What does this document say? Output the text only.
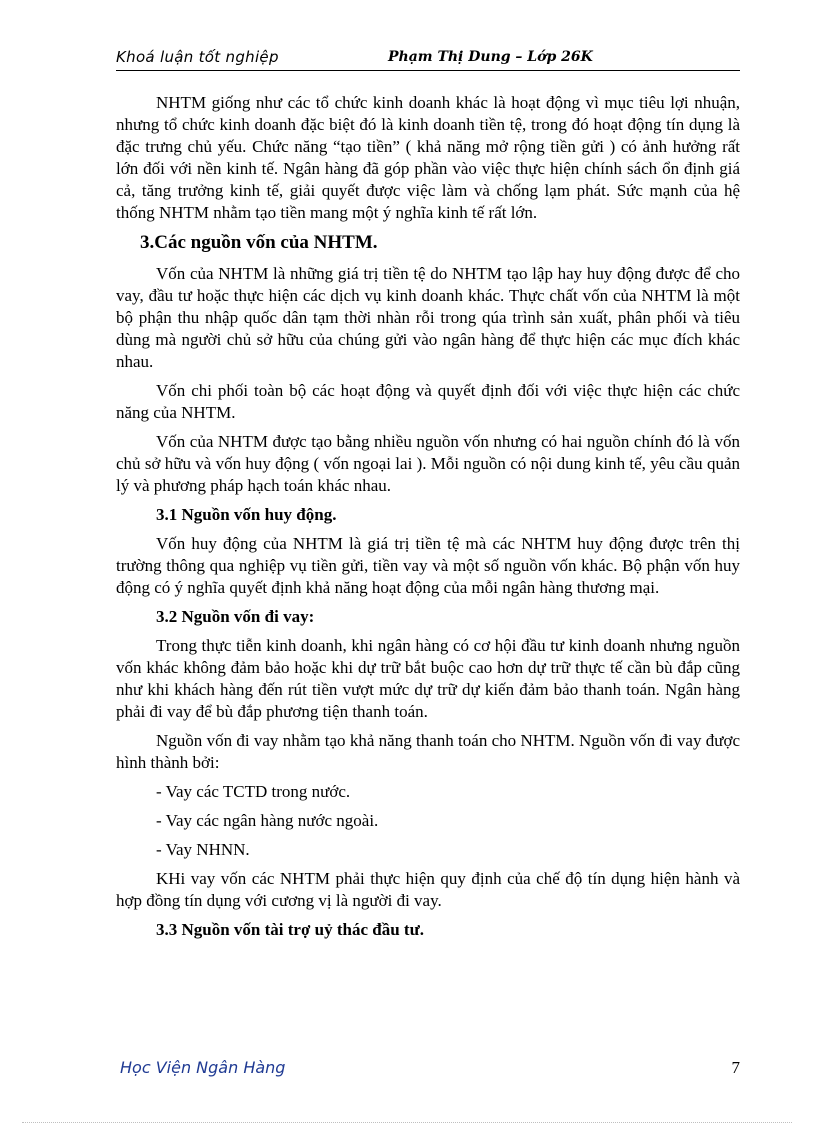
Khoá luận tốt nghiệp	Phạm Thị Dung – Lớp 26K

NHTM giống như các tổ chức kinh doanh khác là hoạt động vì mục tiêu lợi nhuận, nhưng tổ chức kinh doanh đặc biệt đó là kinh doanh tiền tệ, trong đó hoạt động tín dụng là đặc trưng chủ yếu. Chức năng “tạo tiền” ( khả năng mở rộng tiền gửi ) có ảnh hưởng rất lớn đối với nền kinh tế. Ngân hàng đã góp phần vào việc thực hiện chính sách ổn định giá cả, tăng trưởng kinh tế, giải quyết được việc làm và chống lạm phát. Sức mạnh của hệ thống NHTM nhằm tạo tiền mang một ý nghĩa kinh tế rất lớn.

3.Các nguồn vốn của NHTM.

Vốn của NHTM là những giá trị tiền tệ do NHTM tạo lập hay huy động được để cho vay, đầu tư hoặc thực hiện các dịch vụ kinh doanh khác. Thực chất vốn của NHTM là một bộ phận thu nhập quốc dân tạm thời nhàn rỗi trong qúa trình sản xuất, phân phối và tiêu dùng mà người chủ sở hữu của chúng gửi vào ngân hàng để thực hiện các mục đích khác nhau.

Vốn chi phối toàn bộ các hoạt động và quyết định đối với việc thực hiện các chức năng của NHTM.

Vốn của NHTM được tạo bằng nhiều nguồn vốn nhưng có hai nguồn chính đó là vốn chủ sở hữu và vốn huy động ( vốn ngoại lai ). Mỗi nguồn có nội dung kinh tế, yêu cầu quản lý và phương pháp hạch toán khác nhau.

3.1 Nguồn vốn huy động.

Vốn huy động của NHTM là giá trị tiền tệ mà các NHTM huy động được trên thị trường thông qua nghiệp vụ tiền gửi, tiền vay và một số nguồn vốn khác. Bộ phận vốn huy động có ý nghĩa quyết định khả năng hoạt động của mỗi ngân hàng thương mại.

3.2 Nguồn vốn đi vay:

Trong thực tiễn kinh doanh, khi ngân hàng có cơ hội đầu tư kinh doanh nhưng nguồn vốn khác không đảm bảo hoặc khi dự trữ bắt buộc cao hơn dự trữ thực tế cần bù đắp cũng như khi khách hàng đến rút tiền vượt mức dự trữ dự kiến đảm bảo thanh toán. Ngân hàng phải đi vay để bù đắp phương tiện thanh toán.

Nguồn vốn đi vay nhằm tạo khả năng thanh toán cho NHTM. Nguồn vốn đi vay được hình thành bởi:

- Vay các TCTD trong nước.

- Vay các ngân hàng nước ngoài.

- Vay NHNN.

KHi vay vốn các NHTM phải thực hiện quy định của chế độ tín dụng hiện hành và hợp đồng tín dụng với cương vị là người đi vay.

3.3 Nguồn vốn tài trợ uỷ thác đầu tư.
Học Viện Ngân Hàng	7
